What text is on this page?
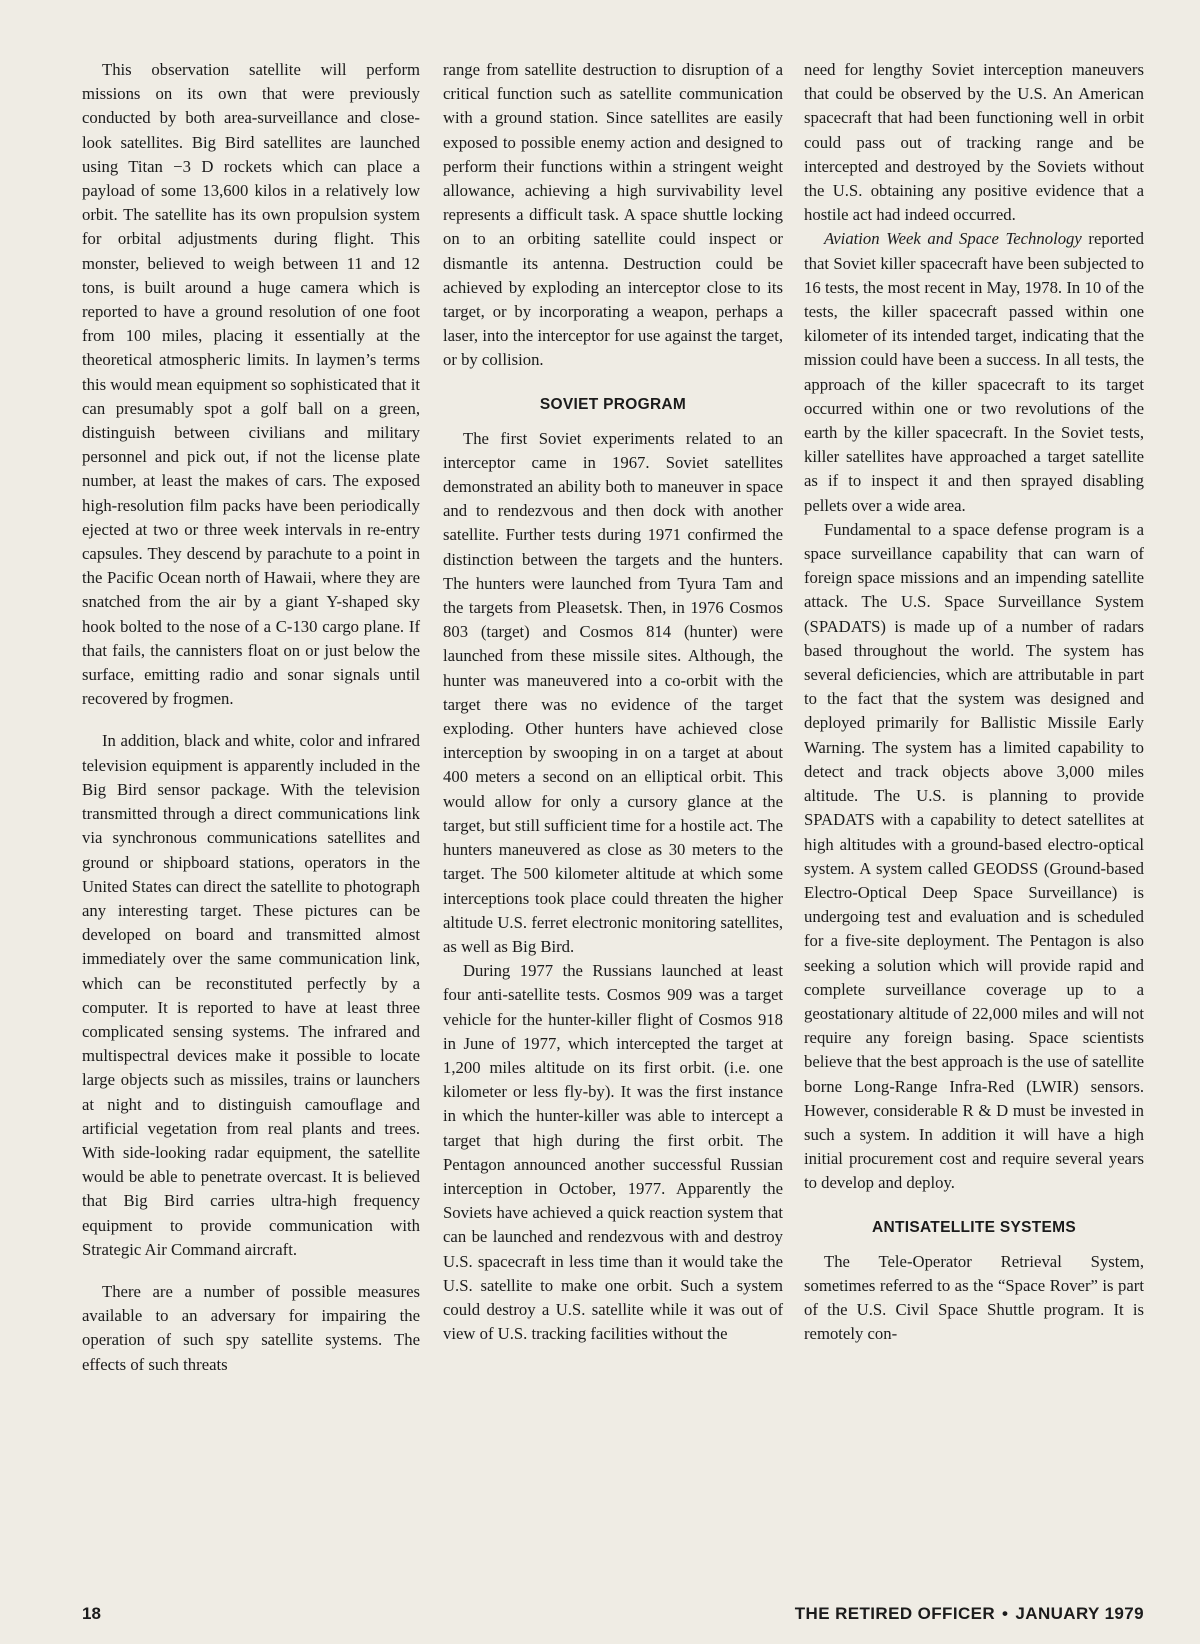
This observation satellite will perform missions on its own that were previously conducted by both area-surveillance and close-look satellites. Big Bird satellites are launched using Titan −3 D rockets which can place a payload of some 13,600 kilos in a relatively low orbit. The satellite has its own propulsion system for orbital adjustments during flight. This monster, believed to weigh between 11 and 12 tons, is built around a huge camera which is reported to have a ground resolution of one foot from 100 miles, placing it essentially at the theoretical atmospheric limits. In laymen’s terms this would mean equipment so sophisticated that it can presumably spot a golf ball on a green, distinguish between civilians and military personnel and pick out, if not the license plate number, at least the makes of cars. The exposed high-resolution film packs have been periodically ejected at two or three week intervals in re-entry capsules. They descend by parachute to a point in the Pacific Ocean north of Hawaii, where they are snatched from the air by a giant Y-shaped sky hook bolted to the nose of a C-130 cargo plane. If that fails, the cannisters float on or just below the surface, emitting radio and sonar signals until recovered by frogmen.

In addition, black and white, color and infrared television equipment is apparently included in the Big Bird sensor package. With the television transmitted through a direct communications link via synchronous communications satellites and ground or shipboard stations, operators in the United States can direct the satellite to photograph any interesting target. These pictures can be developed on board and transmitted almost immediately over the same communication link, which can be reconstituted perfectly by a computer. It is reported to have at least three complicated sensing systems. The infrared and multispectral devices make it possible to locate large objects such as missiles, trains or launchers at night and to distinguish camouflage and artificial vegetation from real plants and trees. With side-looking radar equipment, the satellite would be able to penetrate overcast. It is believed that Big Bird carries ultra-high frequency equipment to provide communication with Strategic Air Command aircraft.

There are a number of possible measures available to an adversary for impairing the operation of such spy satellite systems. The effects of such threats

range from satellite destruction to disruption of a critical function such as satellite communication with a ground station. Since satellites are easily exposed to possible enemy action and designed to perform their functions within a stringent weight allowance, achieving a high survivability level represents a difficult task. A space shuttle locking on to an orbiting satellite could inspect or dismantle its antenna. Destruction could be achieved by exploding an interceptor close to its target, or by incorporating a weapon, perhaps a laser, into the interceptor for use against the target, or by collision.

SOVIET PROGRAM

The first Soviet experiments related to an interceptor came in 1967. Soviet satellites demonstrated an ability both to maneuver in space and to rendezvous and then dock with another satellite. Further tests during 1971 confirmed the distinction between the targets and the hunters. The hunters were launched from Tyura Tam and the targets from Pleasetsk. Then, in 1976 Cosmos 803 (target) and Cosmos 814 (hunter) were launched from these missile sites. Although, the hunter was maneuvered into a co-orbit with the target there was no evidence of the target exploding. Other hunters have achieved close interception by swooping in on a target at about 400 meters a second on an elliptical orbit. This would allow for only a cursory glance at the target, but still sufficient time for a hostile act. The hunters maneuvered as close as 30 meters to the target. The 500 kilometer altitude at which some interceptions took place could threaten the higher altitude U.S. ferret electronic monitoring satellites, as well as Big Bird.

During 1977 the Russians launched at least four anti-satellite tests. Cosmos 909 was a target vehicle for the hunter-killer flight of Cosmos 918 in June of 1977, which intercepted the target at 1,200 miles altitude on its first orbit. (i.e. one kilometer or less fly-by). It was the first instance in which the hunter-killer was able to intercept a target that high during the first orbit. The Pentagon announced another successful Russian interception in October, 1977. Apparently the Soviets have achieved a quick reaction system that can be launched and rendezvous with and destroy U.S. spacecraft in less time than it would take the U.S. satellite to make one orbit. Such a system could destroy a U.S. satellite while it was out of view of U.S. tracking facilities without the

need for lengthy Soviet interception maneuvers that could be observed by the U.S. An American spacecraft that had been functioning well in orbit could pass out of tracking range and be intercepted and destroyed by the Soviets without the U.S. obtaining any positive evidence that a hostile act had indeed occurred.

Aviation Week and Space Technology reported that Soviet killer spacecraft have been subjected to 16 tests, the most recent in May, 1978. In 10 of the tests, the killer spacecraft passed within one kilometer of its intended target, indicating that the mission could have been a success. In all tests, the approach of the killer spacecraft to its target occurred within one or two revolutions of the earth by the killer spacecraft. In the Soviet tests, killer satellites have approached a target satellite as if to inspect it and then sprayed disabling pellets over a wide area.

Fundamental to a space defense program is a space surveillance capability that can warn of foreign space missions and an impending satellite attack. The U.S. Space Surveillance System (SPADATS) is made up of a number of radars based throughout the world. The system has several deficiencies, which are attributable in part to the fact that the system was designed and deployed primarily for Ballistic Missile Early Warning. The system has a limited capability to detect and track objects above 3,000 miles altitude. The U.S. is planning to provide SPADATS with a capability to detect satellites at high altitudes with a ground-based electro-optical system. A system called GEODSS (Ground-based Electro-Optical Deep Space Surveillance) is undergoing test and evaluation and is scheduled for a five-site deployment. The Pentagon is also seeking a solution which will provide rapid and complete surveillance coverage up to a geostationary altitude of 22,000 miles and will not require any foreign basing. Space scientists believe that the best approach is the use of satellite borne Long-Range Infra-Red (LWIR) sensors. However, considerable R & D must be invested in such a system. In addition it will have a high initial procurement cost and require several years to develop and deploy.

ANTISATELLITE SYSTEMS

The Tele-Operator Retrieval System, sometimes referred to as the “Space Rover” is part of the U.S. Civil Space Shuttle program. It is remotely con-

18	THE RETIRED OFFICER • JANUARY 1979
